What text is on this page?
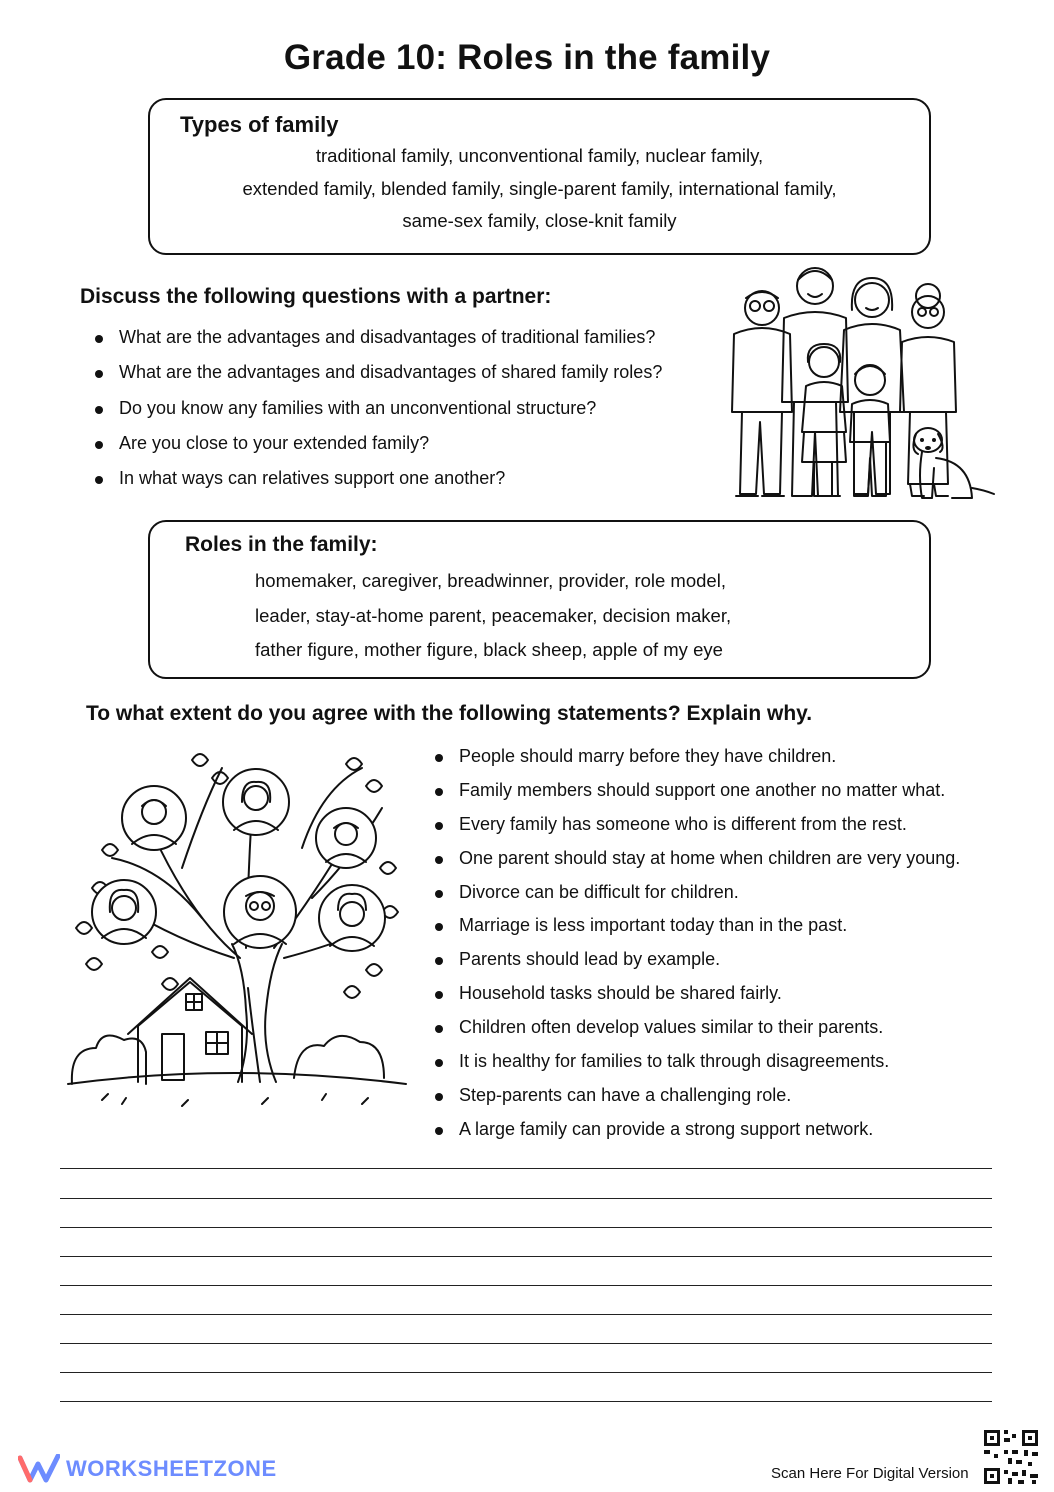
Grade 10: Roles in the family
Types of family
traditional family, unconventional family, nuclear family,
extended family, blended family, single-parent family, international family,
same-sex family, close-knit family
Discuss the following questions with a partner:
What are the advantages and disadvantages of traditional families?
What are the advantages and disadvantages of shared family roles?
Do you know any families with an unconventional structure?
Are you close to your extended family?
In what ways can relatives support one another?
Roles in the family:
homemaker, caregiver, breadwinner, provider, role model,
leader, stay-at-home parent, peacemaker, decision maker,
father figure, mother figure, black sheep, apple of my eye
To what extent do you agree with the following statements? Explain why.
People should marry before they have children.
Family members should support one another no matter what.
Every family has someone who is different from the rest.
One parent should stay at home when children are very young.
Divorce can be difficult for children.
Marriage is less important today than in the past.
Parents should lead by example.
Household tasks should be shared fairly.
Children often develop values similar to their parents.
It is healthy for families to talk through disagreements.
Step-parents can have a challenging role.
A large family can provide a strong support network.
WORKSHEETZONE	Scan Here For Digital Version
